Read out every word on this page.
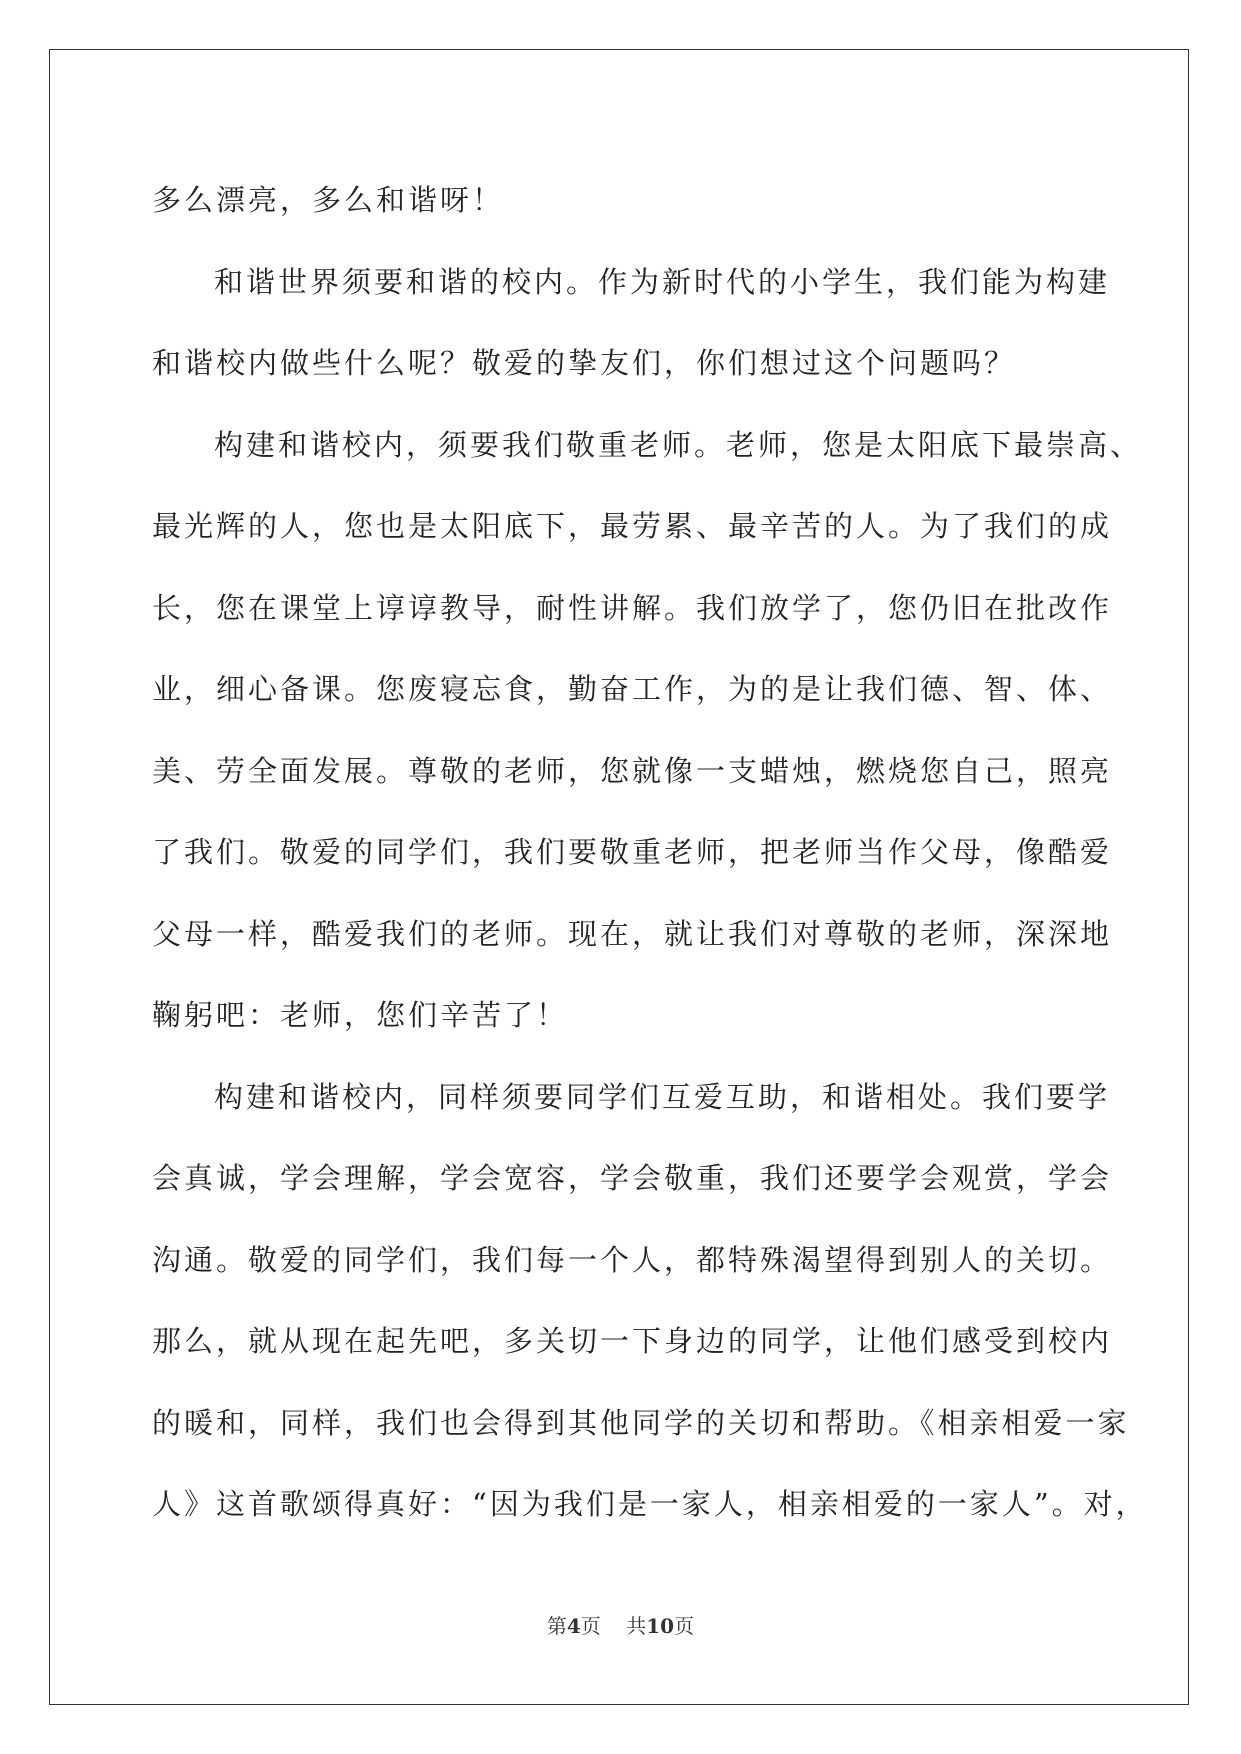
多么漂亮，多么和谐呀！
和谐世界须要和谐的校内。作为新时代的小学生，我们能为构建
和谐校内做些什么呢？敬爱的挚友们，你们想过这个问题吗？
构建和谐校内，须要我们敬重老师。老师，您是太阳底下最崇高、
最光辉的人，您也是太阳底下，最劳累、最辛苦的人。为了我们的成
长，您在课堂上谆谆教导，耐性讲解。我们放学了，您仍旧在批改作
业，细心备课。您废寝忘食，勤奋工作，为的是让我们德、智、体、
美、劳全面发展。尊敬的老师，您就像一支蜡烛，燃烧您自己，照亮
了我们。敬爱的同学们，我们要敬重老师，把老师当作父母，像酷爱
父母一样，酷爱我们的老师。现在，就让我们对尊敬的老师，深深地
鞠躬吧：老师，您们辛苦了！
构建和谐校内，同样须要同学们互爱互助，和谐相处。我们要学
会真诚，学会理解，学会宽容，学会敬重，我们还要学会观赏，学会
沟通。敬爱的同学们，我们每一个人，都特殊渴望得到别人的关切。
那么，就从现在起先吧，多关切一下身边的同学，让他们感受到校内
的暖和，同样，我们也会得到其他同学的关切和帮助。《相亲相爱一家
人》这首歌颂得真好：“因为我们是一家人，相亲相爱的一家人”。对，
第4页    共10页
